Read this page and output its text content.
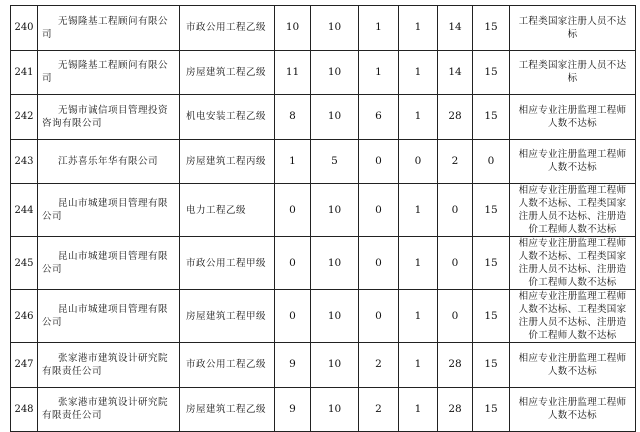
240	无锡隆基工程顾问有限公
司	市政公用工程乙级	10	10	1	1	14	15	工程类国家注册人员不达标
241	无锡隆基工程顾问有限公
司	房屋建筑工程乙级	11	10	1	1	14	15	工程类国家注册人员不达标
242	无锡市诚信项目管理投资
咨询有限公司	机电安装工程乙级	8	10	6	1	28	15	相应专业注册监理工程师人数不达标
243	江苏喜乐年华有限公司	房屋建筑工程丙级	1	5	0	0	2	0	相应专业注册监理工程师人数不达标
244	昆山市城建项目管理有限
公司	电力工程乙级	0	10	0	1	0	15	相应专业注册监理工程师人数不达标、工程类国家注册人员不达标、注册造价工程师人数不达标
245	昆山市城建项目管理有限
公司	市政公用工程甲级	0	10	0	1	0	15	相应专业注册监理工程师人数不达标、工程类国家注册人员不达标、注册造价工程师人数不达标
246	昆山市城建项目管理有限
公司	房屋建筑工程甲级	0	10	0	1	0	15	相应专业注册监理工程师人数不达标、工程类国家注册人员不达标、注册造价工程师人数不达标
247	张家港市建筑设计研究院
有限责任公司	市政公用工程乙级	9	10	2	1	28	15	相应专业注册监理工程师人数不达标
248	张家港市建筑设计研究院
有限责任公司	房屋建筑工程乙级	9	10	2	1	28	15	相应专业注册监理工程师人数不达标
